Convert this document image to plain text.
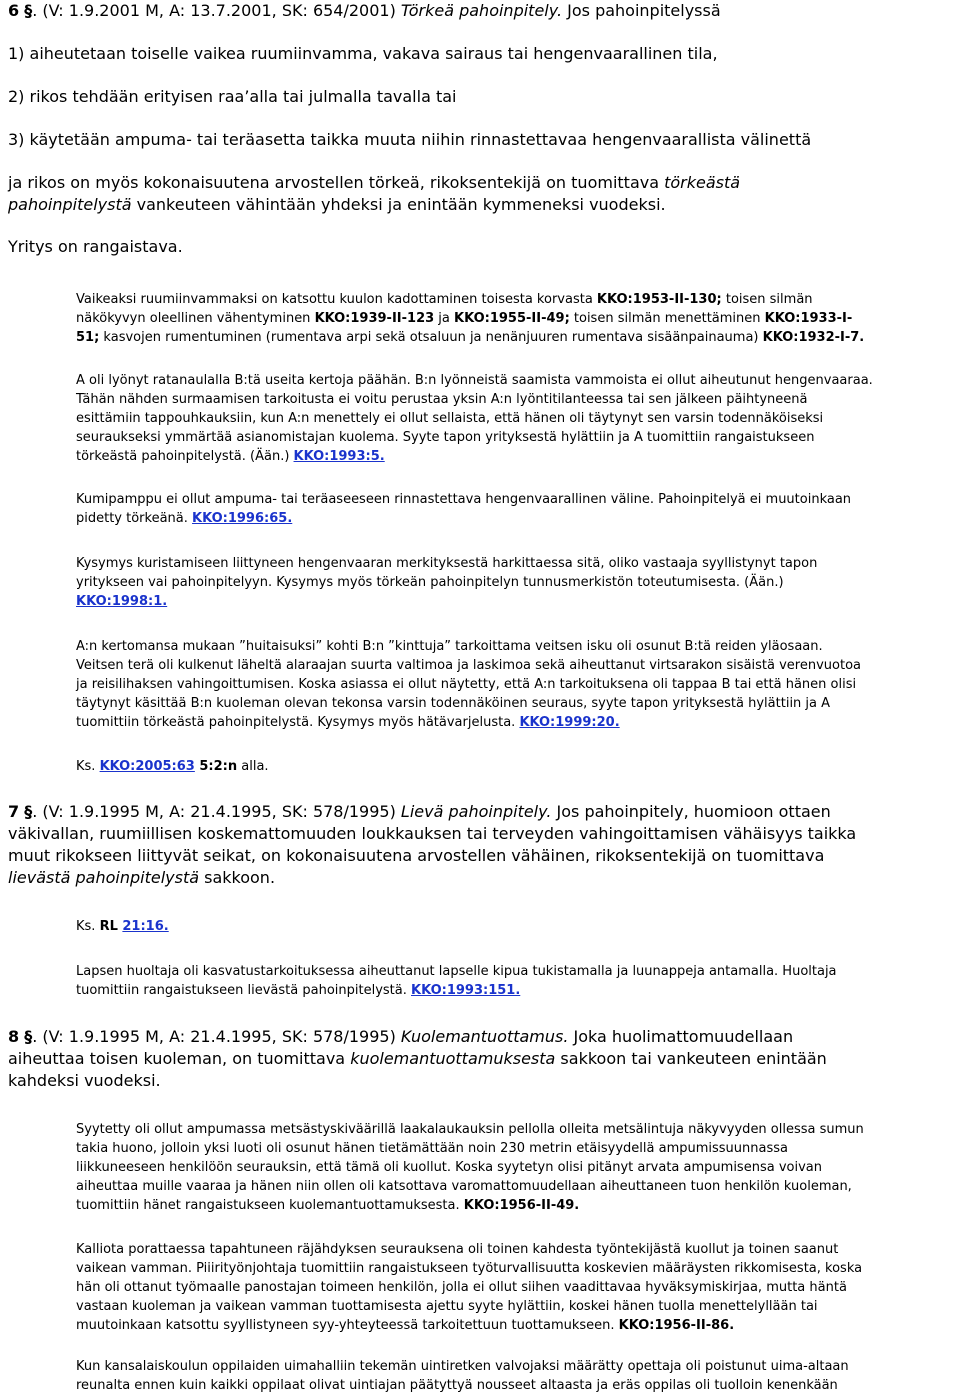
6 §. (V: 1.9.2001 M, A: 13.7.2001, SK: 654/2001) Törkeä pahoinpitely. Jos pahoinpitelyssä
1) aiheutetaan toiselle vaikea ruumiinvamma, vakava sairaus tai hengenvaarallinen tila,
2) rikos tehdään erityisen raa’alla tai julmalla tavalla tai
3) käytetään ampuma- tai teräasetta taikka muuta niihin rinnastettavaa hengenvaarallista välinettä
ja rikos on myös kokonaisuutena arvostellen törkeä, rikoksentekijä on tuomittava törkeästä
pahoinpitelystä vankeuteen vähintään yhdeksi ja enintään kymmeneksi vuodeksi.
Yritys on rangaistava.
Vaikeaksi ruumiinvammaksi on katsottu kuulon kadottaminen toisesta korvasta KKO:1953-II-130; toisen silmän
näkökyvyn oleellinen vähentyminen KKO:1939-II-123 ja KKO:1955-II-49; toisen silmän menettäminen KKO:1933-I-
51; kasvojen rumentuminen (rumentava arpi sekä otsaluun ja nenänjuuren rumentava sisäänpainauma) KKO:1932-I-7.
A oli lyönyt ratanaulalla B:tä useita kertoja päähän. B:n lyönneistä saamista vammoista ei ollut aiheutunut hengenvaaraa.
Tähän nähden surmaamisen tarkoitusta ei voitu perustaa yksin A:n lyöntitilanteessa tai sen jälkeen päihtyneenä
esittämiin tappouhkauksiin, kun A:n menettely ei ollut sellaista, että hänen oli täytynyt sen varsin todennäköiseksi
seuraukseksi ymmärtää asianomistajan kuolema. Syyte tapon yrityksestä hylättiin ja A tuomittiin rangaistukseen
törkeästä pahoinpitelystä. (Ään.) KKO:1993:5.
Kumipamppu ei ollut ampuma- tai teräaseeseen rinnastettava hengenvaarallinen väline. Pahoinpitelyä ei muutoinkaan
pidetty törkeänä. KKO:1996:65.
Kysymys kuristamiseen liittyneen hengenvaaran merkityksestä harkittaessa sitä, oliko vastaaja syyllistynyt tapon
yritykseen vai pahoinpitelyyn. Kysymys myös törkeän pahoinpitelyn tunnusmerkistön toteutumisesta. (Ään.)
KKO:1998:1.
A:n kertomansa mukaan ”huitaisuksi” kohti B:n ”kinttuja” tarkoittama veitsen isku oli osunut B:tä reiden yläosaan.
Veitsen terä oli kulkenut läheltä alaraajan suurta valtimoa ja laskimoa sekä aiheuttanut virtsarakon sisäistä verenvuotoa
ja reisilihaksen vahingoittumisen. Koska asiassa ei ollut näytetty, että A:n tarkoituksena oli tappaa B tai että hänen olisi
täytynyt käsittää B:n kuoleman olevan tekonsa varsin todennäköinen seuraus, syyte tapon yrityksestä hylättiin ja A
tuomittiin törkeästä pahoinpitelystä. Kysymys myös hätävarjelusta. KKO:1999:20.
Ks. KKO:2005:63 5:2:n alla.
7 §. (V: 1.9.1995 M, A: 21.4.1995, SK: 578/1995) Lievä pahoinpitely. Jos pahoinpitely, huomioon ottaen
väkivallan, ruumiillisen koskemattomuuden loukkauksen tai terveyden vahingoittamisen vähäisyys taikka
muut rikokseen liittyvät seikat, on kokonaisuutena arvostellen vähäinen, rikoksentekijä on tuomittava
lievästä pahoinpitelystä sakkoon.
Ks. RL 21:16.
Lapsen huoltaja oli kasvatustarkoituksessa aiheuttanut lapselle kipua tukistamalla ja luunappeja antamalla. Huoltaja
tuomittiin rangaistukseen lievästä pahoinpitelystä. KKO:1993:151.
8 §. (V: 1.9.1995 M, A: 21.4.1995, SK: 578/1995) Kuolemantuottamus. Joka huolimattomuudellaan
aiheuttaa toisen kuoleman, on tuomittava kuolemantuottamuksesta sakkoon tai vankeuteen enintään
kahdeksi vuodeksi.
Syytetty oli ollut ampumassa metsästyskiväärillä laakalaukauksin pellolla olleita metsälintuja näkyvyyden ollessa sumun
takia huono, jolloin yksi luoti oli osunut hänen tietämättään noin 230 metrin etäisyydellä ampumissuunnassa
liikkuneeseen henkilöön seurauksin, että tämä oli kuollut. Koska syytetyn olisi pitänyt arvata ampumisensa voivan
aiheuttaa muille vaaraa ja hänen niin ollen oli katsottava varomattomuudellaan aiheuttaneen tuon henkilön kuoleman,
tuomittiin hänet rangaistukseen kuolemantuottamuksesta. KKO:1956-II-49.
Kalliota porattaessa tapahtuneen räjähdyksen seurauksena oli toinen kahdesta työntekijästä kuollut ja toinen saanut
vaikean vamman. Piiirityönjohtaja tuomittiin rangaistukseen työturvallisuutta koskevien määräysten rikkomisesta, koska
hän oli ottanut työmaalle panostajan toimeen henkilön, jolla ei ollut siihen vaadittavaa hyväksymiskirjaa, mutta häntä
vastaan kuoleman ja vaikean vamman tuottamisesta ajettu syyte hylättiin, koskei hänen tuolla menettelyllään tai
muutoinkaan katsottu syyllistyneen syy-yhteyteessä tarkoitettuun tuottamukseen. KKO:1956-II-86.
Kun kansalaiskoulun oppilaiden uimahalliin tekemän uintiretken valvojaksi määrätty opettaja oli poistunut uima-altaan
reunalta ennen kuin kaikki oppilaat olivat uintiajan päätyttyä nousseet altaasta ja eräs oppilas oli tuolloin kenenkään
